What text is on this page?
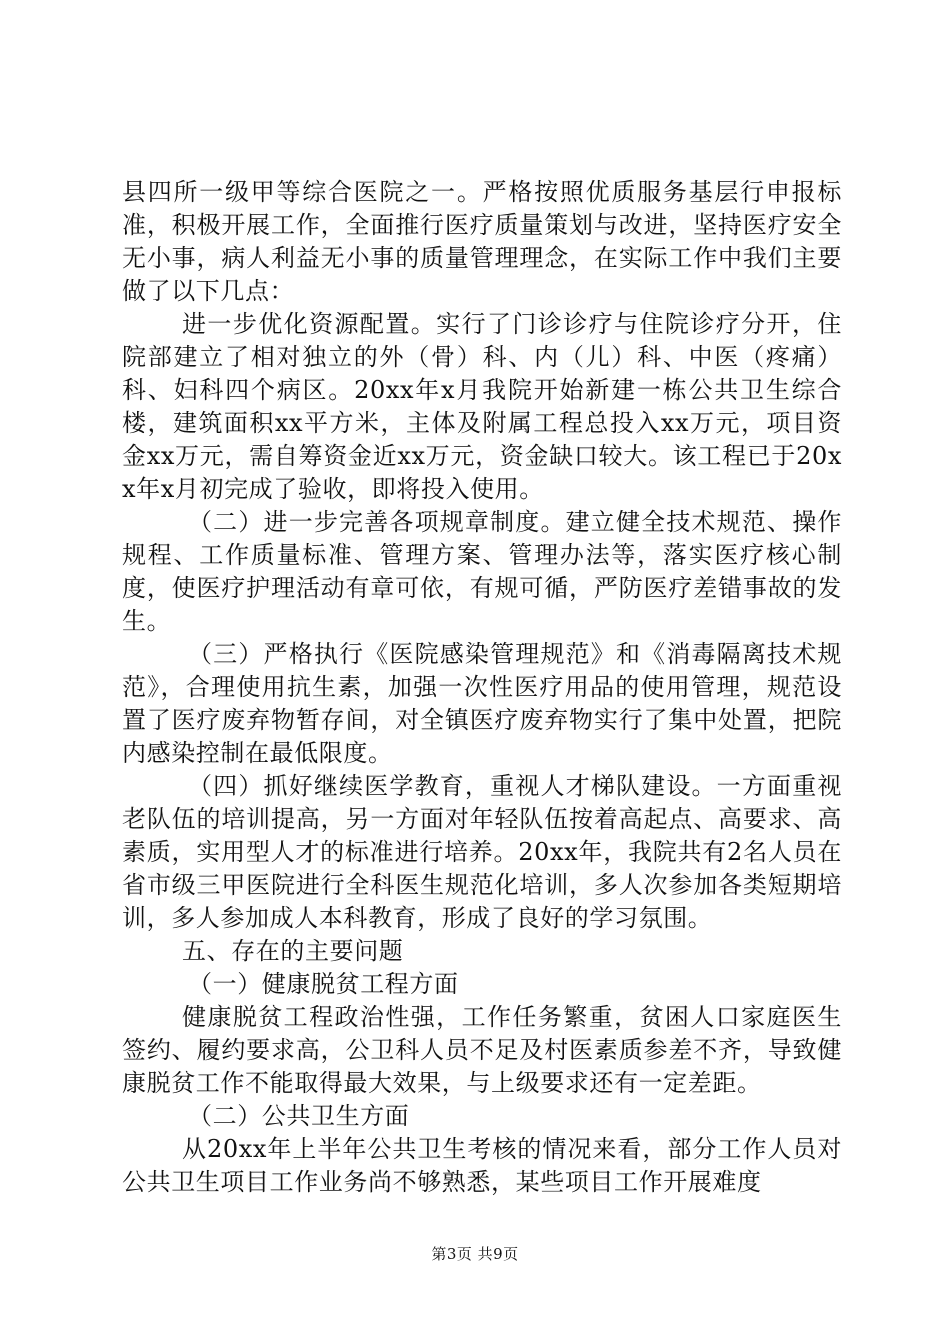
县四所一级甲等综合医院之一。严格按照优质服务基层行申报标准，积极开展工作，全面推行医疗质量策划与改进，坚持医疗安全无小事，病人利益无小事的质量管理理念，在实际工作中我们主要做了以下几点：

进一步优化资源配置。实行了门诊诊疗与住院诊疗分开，住院部建立了相对独立的外（骨）科、内（儿）科、中医（疼痛）科、妇科四个病区。20xx年x月我院开始新建一栋公共卫生综合楼，建筑面积xx平方米，主体及附属工程总投入xx万元，项目资金xx万元，需自筹资金近xx万元，资金缺口较大。该工程已于20xx年x月初完成了验收，即将投入使用。

（二）进一步完善各项规章制度。建立健全技术规范、操作规程、工作质量标准、管理方案、管理办法等，落实医疗核心制度，使医疗护理活动有章可依，有规可循，严防医疗差错事故的发生。

（三）严格执行《医院感染管理规范》和《消毒隔离技术规范》，合理使用抗生素，加强一次性医疗用品的使用管理，规范设置了医疗废弃物暂存间，对全镇医疗废弃物实行了集中处置，把院内感染控制在最低限度。

（四）抓好继续医学教育，重视人才梯队建设。一方面重视老队伍的培训提高，另一方面对年轻队伍按着高起点、高要求、高素质，实用型人才的标准进行培养。20xx年，我院共有2名人员在省市级三甲医院进行全科医生规范化培训，多人次参加各类短期培训，多人参加成人本科教育，形成了良好的学习氛围。

五、存在的主要问题

（一）健康脱贫工程方面

健康脱贫工程政治性强，工作任务繁重，贫困人口家庭医生签约、履约要求高，公卫科人员不足及村医素质参差不齐，导致健康脱贫工作不能取得最大效果，与上级要求还有一定差距。

（二）公共卫生方面

从20xx年上半年公共卫生考核的情况来看，部分工作人员对公共卫生项目工作业务尚不够熟悉，某些项目工作开展难度

第3页 共9页
